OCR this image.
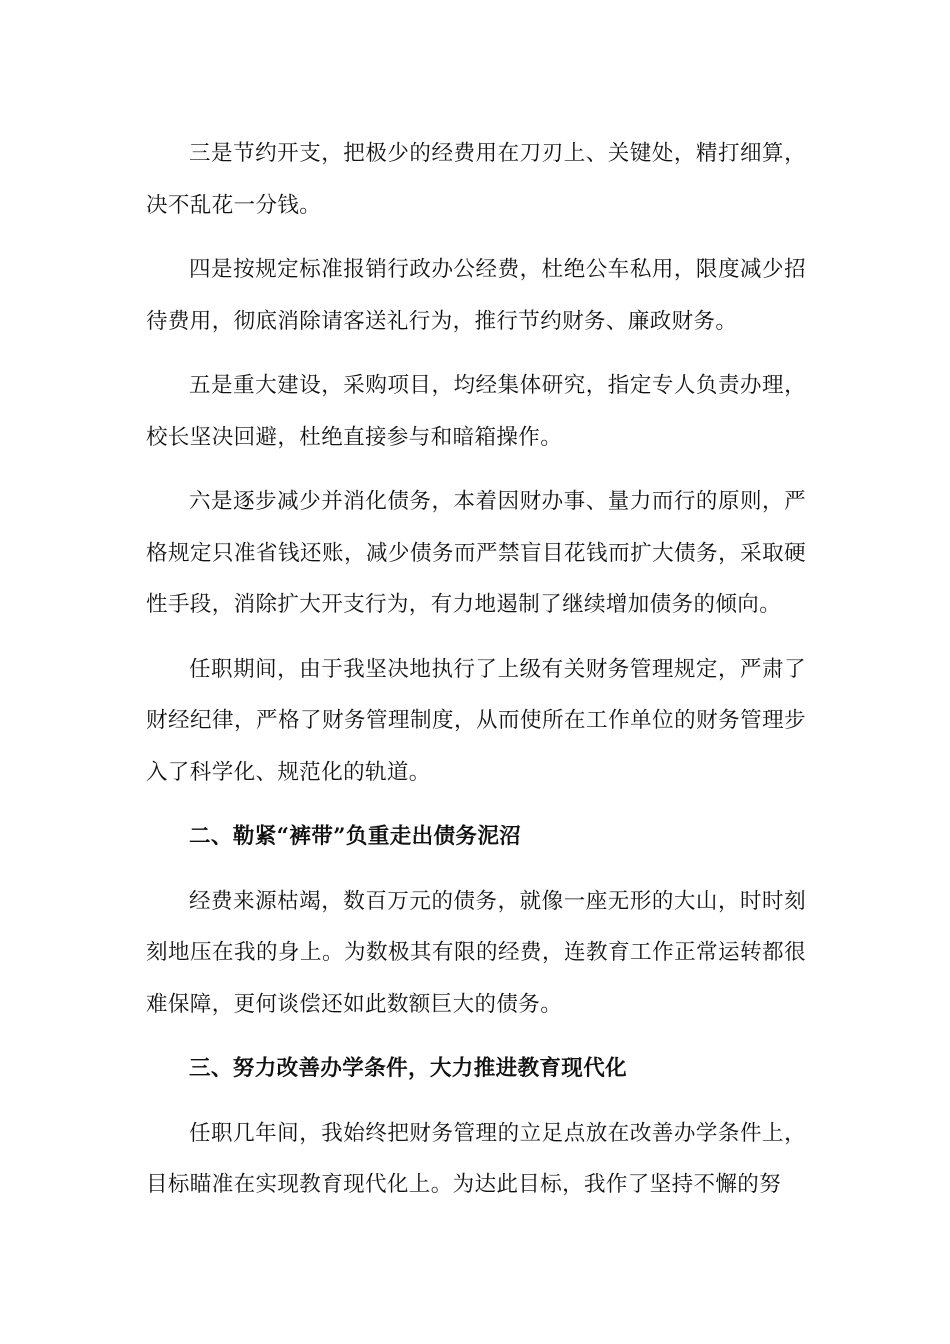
三是节约开支，把极少的经费用在刀刃上、关键处，精打细算，决不乱花一分钱。

四是按规定标准报销行政办公经费，杜绝公车私用，限度减少招待费用，彻底消除请客送礼行为，推行节约财务、廉政财务。

五是重大建设，采购项目，均经集体研究，指定专人负责办理，校长坚决回避，杜绝直接参与和暗箱操作。

六是逐步减少并消化债务，本着因财办事、量力而行的原则，严格规定只准省钱还账，减少债务而严禁盲目花钱而扩大债务，采取硬性手段，消除扩大开支行为，有力地遏制了继续增加债务的倾向。

任职期间，由于我坚决地执行了上级有关财务管理规定，严肃了财经纪律，严格了财务管理制度，从而使所在工作单位的财务管理步入了科学化、规范化的轨道。

二、勒紧“裤带”负重走出债务泥沼

经费来源枯竭，数百万元的债务，就像一座无形的大山，时时刻刻地压在我的身上。为数极其有限的经费，连教育工作正常运转都很难保障，更何谈偿还如此数额巨大的债务。

三、努力改善办学条件，大力推进教育现代化

任职几年间，我始终把财务管理的立足点放在改善办学条件上，目标瞄准在实现教育现代化上。为达此目标，我作了坚持不懈的努
